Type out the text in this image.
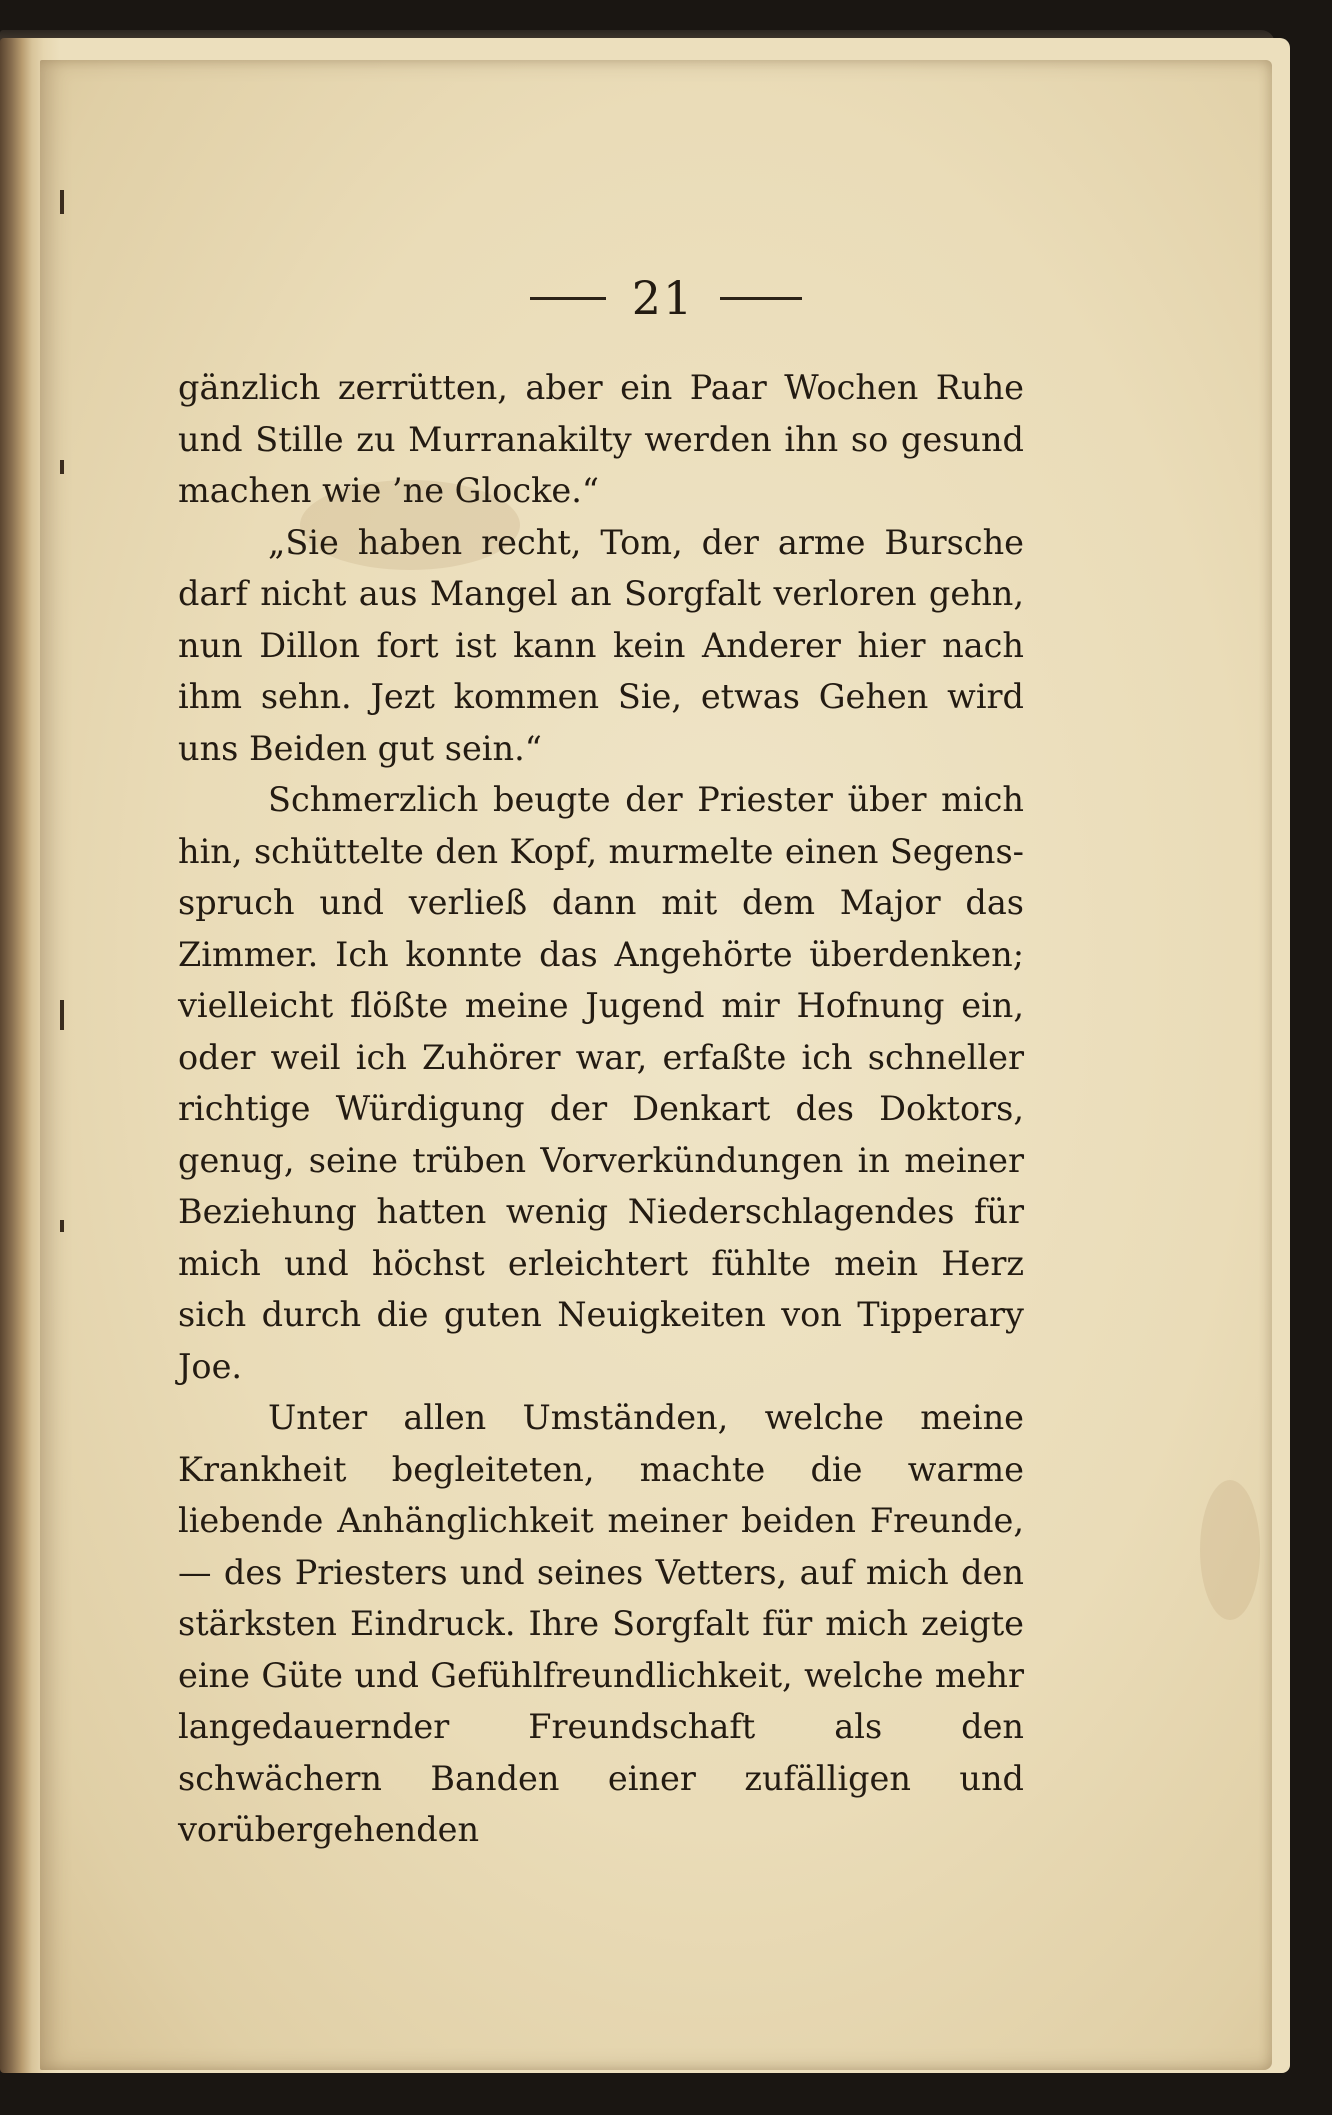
21

gänzlich zerrütten, aber ein Paar Wochen Ruhe und Stille zu Murranakilty werden ihn so gesund machen wie ’ne Glocke.“

„Sie haben recht, Tom, der arme Bursche darf nicht aus Mangel an Sorgfalt verloren gehn, nun Dillon fort ist kann kein Anderer hier nach ihm sehn. Jezt kommen Sie, etwas Gehen wird uns Beiden gut sein.“

Schmerzlich beugte der Priester über mich hin, schüttelte den Kopf, murmelte einen Segensspruch und verließ dann mit dem Major das Zimmer. Ich konnte das Angehörte überdenken; vielleicht flößte meine Jugend mir Hofnung ein, oder weil ich Zuhörer war, erfaßte ich schneller richtige Würdigung der Denkart des Doktors, genug, seine trüben Vorverkündungen in meiner Beziehung hatten wenig Niederschlagendes für mich und höchst erleichtert fühlte mein Herz sich durch die guten Neuigkeiten von Tipperary Joe.

Unter allen Umständen, welche meine Krankheit begleiteten, machte die warme liebende Anhänglichkeit meiner beiden Freunde, — des Priesters und seines Vetters, auf mich den stärksten Eindruck. Ihre Sorgfalt für mich zeigte eine Güte und Gefühlfreundlichkeit, welche mehr langedauernder Freundschaft als den schwächern Banden einer zufälligen und vorübergehenden
